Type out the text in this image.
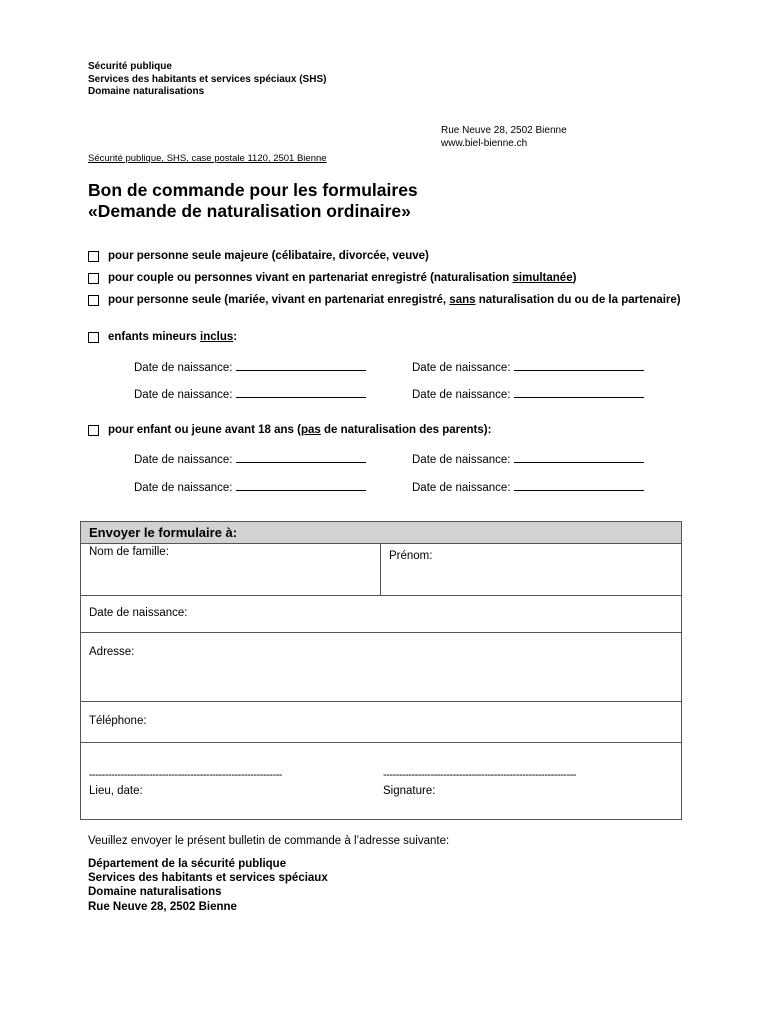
Sécurité publique
Services des habitants et services spéciaux (SHS)
Domaine naturalisations
Rue Neuve 28, 2502 Bienne
www.biel-bienne.ch
Sécurité publique, SHS, case postale 1120, 2501 Bienne
Bon de commande pour les formulaires
«Demande de naturalisation ordinaire»
pour personne seule majeure (célibataire, divorcée, veuve)
pour couple ou personnes vivant en partenariat enregistré (naturalisation simultanée)
pour personne seule (mariée, vivant en partenariat enregistré, sans naturalisation du ou de la partenaire)
enfants mineurs inclus:
Date de naissance:	Date de naissance:
Date de naissance:	Date de naissance:
pour enfant ou jeune avant 18 ans (pas de naturalisation des parents):
Date de naissance:	Date de naissance:
Date de naissance:	Date de naissance:
Envoyer le formulaire à:
Nom de famille:	Prénom:
Date de naissance:
Adresse:
Téléphone:
-------------------------------------------------------------	-------------------------------------------------------------
Lieu, date:	Signature:
Veuillez envoyer le présent bulletin de commande à l’adresse suivante:
Département de la sécurité publique
Services des habitants et services spéciaux
Domaine naturalisations
Rue Neuve 28, 2502 Bienne
